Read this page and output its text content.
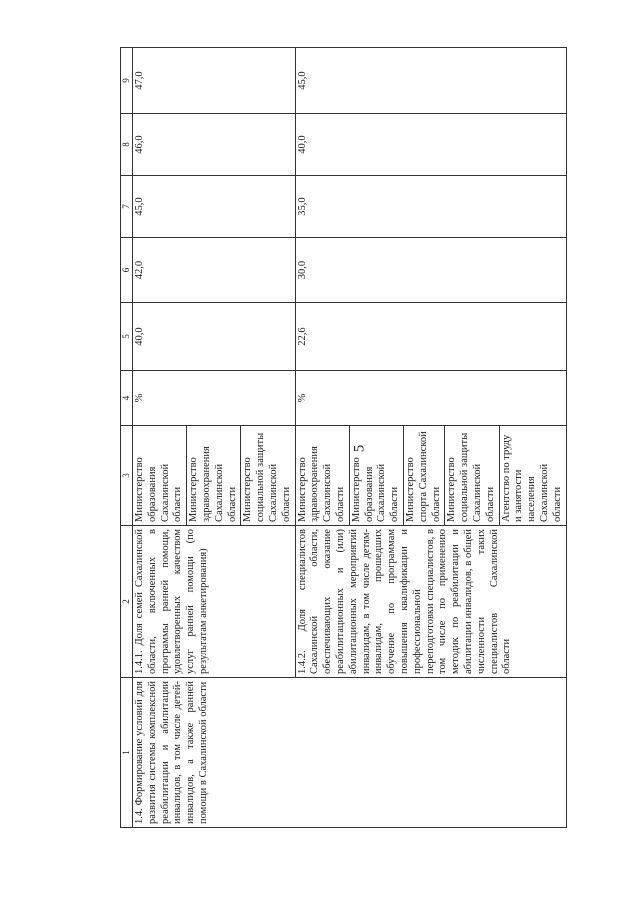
5
1	2	3	4	5	6	7	8	9
1.4. Формирование условий для развития системы комплексной реабилитации и абилитации инвалидов, в том числе детей-инвалидов, а также ранней помощи в Сахалинской области	1.4.1. Доля семей Сахалинской области, включенных в программы ранней помощи, удовлетворенных качеством услуг ранней помощи (по результатам анкетирования)	Министерство образования Сахалинской области	%	40,0	42,0	45,0	46,0	47,0
		Министерство здравоохранения Сахалинской области						
		Министерство социальной защиты Сахалинской области						
	1.4.2. Доля специалистов Сахалинской области, обеспечивающих оказание реабилитационных и (или) абилитационных мероприятий инвалидам, в том числе детям-инвалидам, прошедших обучение по программам повышения квалификации и профессиональной переподготовки специалистов, в том числе по применению методик по реабилитации и абилитации инвалидов, в общей численности таких специалистов Сахалинской области	Министерство здравоохранения Сахалинской области	%	22,6	30,0	35,0	40,0	45,0
		Министерство образования Сахалинской области						
		Министерство спорта Сахалинской области						
		Министерство социальной защиты Сахалинской области						
		Агентство по труду и занятости населения Сахалинской области						
